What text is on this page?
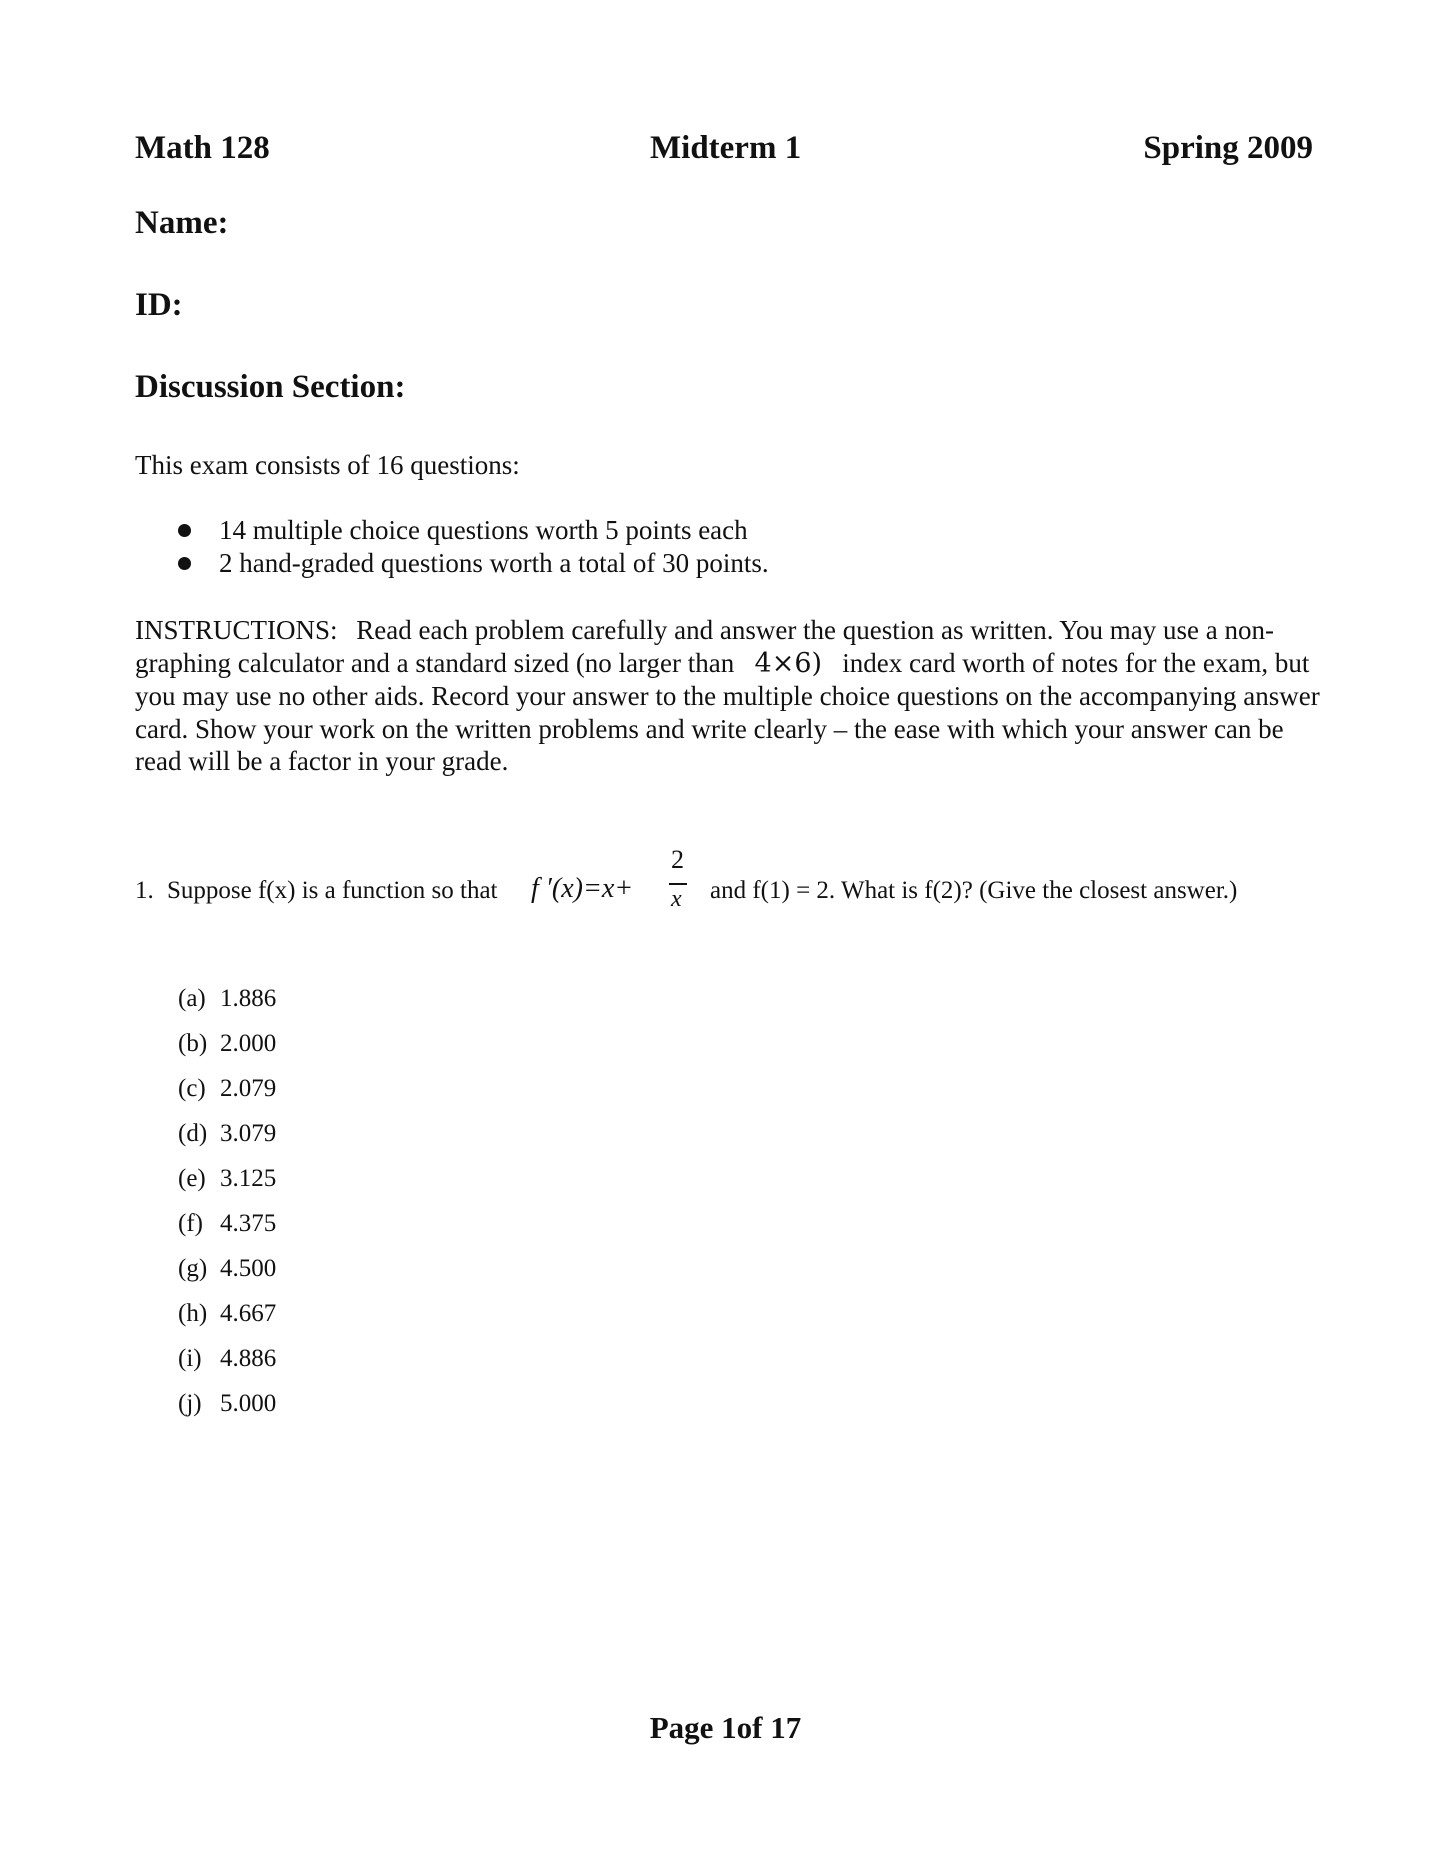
Math 128	Midterm 1	Spring 2009
Name:
ID:
Discussion Section:
This exam consists of 16 questions:
14 multiple choice questions worth 5 points each
2 hand-graded questions worth a total of 30 points.
INSTRUCTIONS: Read each problem carefully and answer the question as written. You may use a non-graphing calculator and a standard sized (no larger than 4×6) index card worth of notes for the exam, but you may use no other aids. Record your answer to the multiple choice questions on the accompanying answer card. Show your work on the written problems and write clearly – the ease with which your answer can be read will be a factor in your grade.
1. Suppose f(x) is a function so that f ′(x)=x+
2
x and f(1) = 2. What is f(2)? (Give the closest answer.)
(a) 1.886
(b) 2.000
(c) 2.079
(d) 3.079
(e) 3.125
(f) 4.375
(g) 4.500
(h) 4.667
(i) 4.886
(j) 5.000
Page 1of 17
